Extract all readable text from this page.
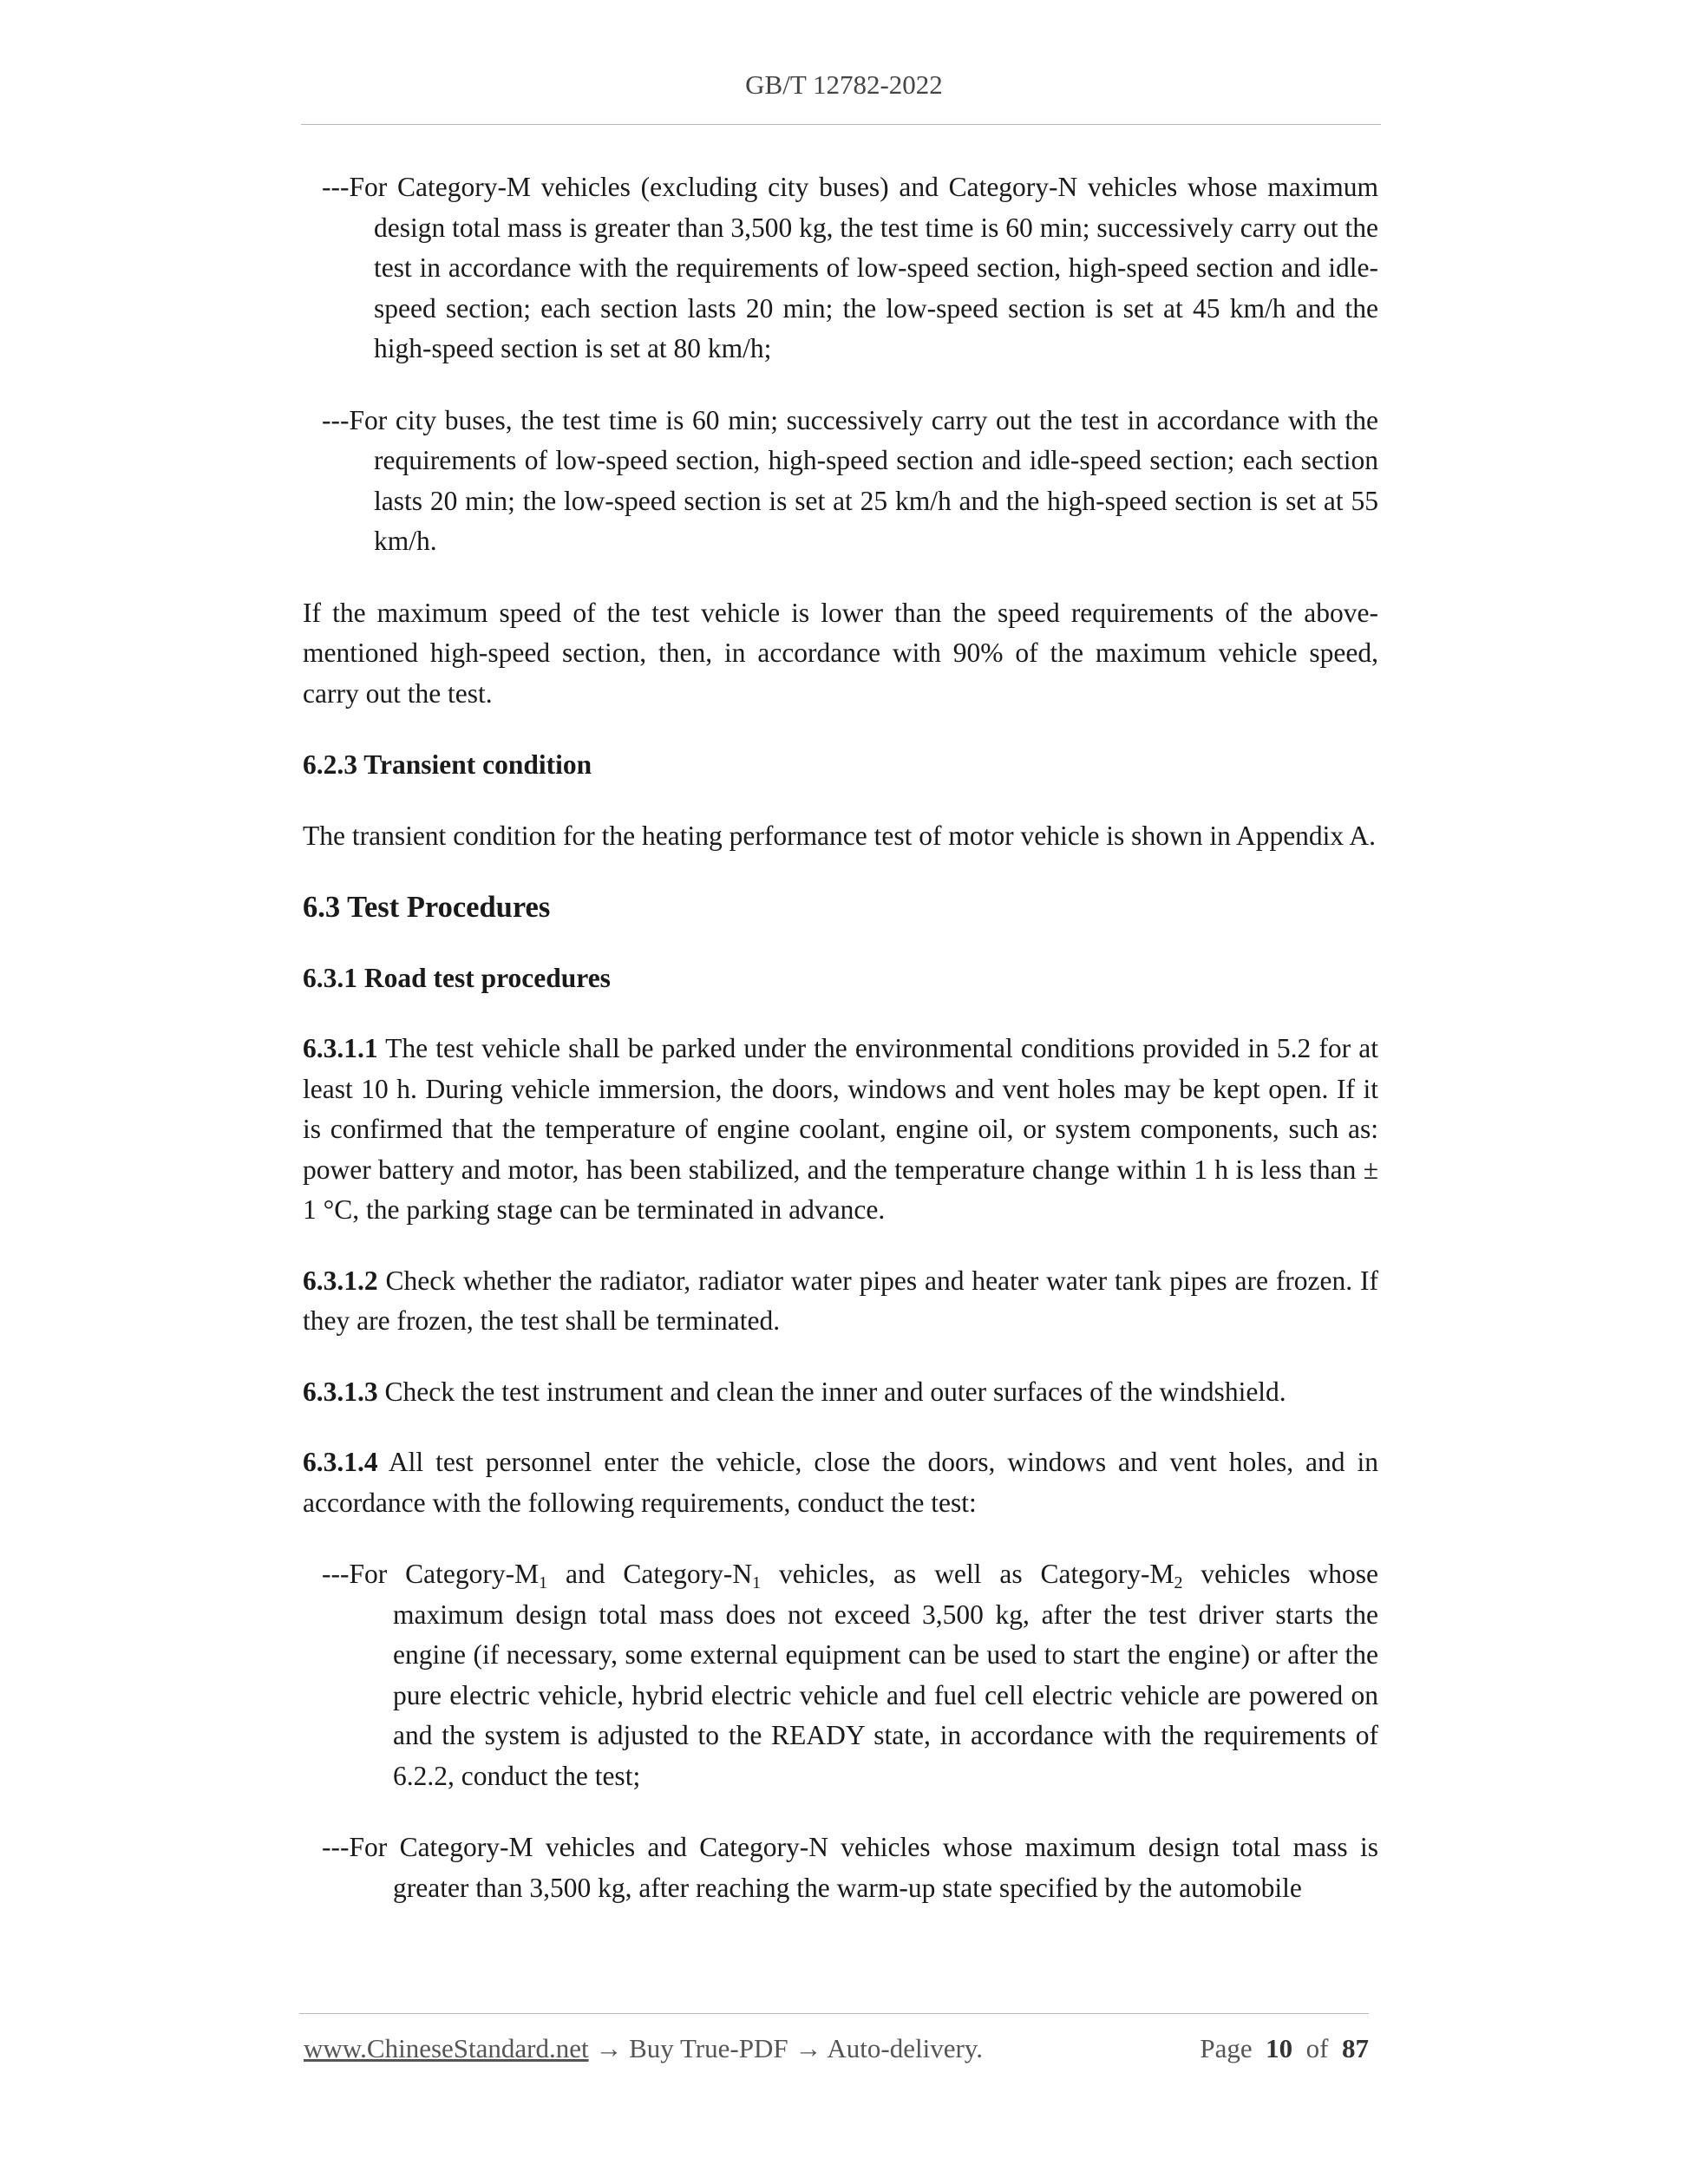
GB/T 12782-2022

---For Category-M vehicles (excluding city buses) and Category-N vehicles whose maximum design total mass is greater than 3,500 kg, the test time is 60 min; successively carry out the test in accordance with the requirements of low-speed section, high-speed section and idle-speed section; each section lasts 20 min; the low-speed section is set at 45 km/h and the high-speed section is set at 80 km/h;

---For city buses, the test time is 60 min; successively carry out the test in accordance with the requirements of low-speed section, high-speed section and idle-speed section; each section lasts 20 min; the low-speed section is set at 25 km/h and the high-speed section is set at 55 km/h.

If the maximum speed of the test vehicle is lower than the speed requirements of the above-mentioned high-speed section, then, in accordance with 90% of the maximum vehicle speed, carry out the test.

6.2.3 Transient condition

The transient condition for the heating performance test of motor vehicle is shown in Appendix A.

6.3 Test Procedures

6.3.1 Road test procedures

6.3.1.1 The test vehicle shall be parked under the environmental conditions provided in 5.2 for at least 10 h. During vehicle immersion, the doors, windows and vent holes may be kept open. If it is confirmed that the temperature of engine coolant, engine oil, or system components, such as: power battery and motor, has been stabilized, and the temperature change within 1 h is less than ± 1 °C, the parking stage can be terminated in advance.

6.3.1.2 Check whether the radiator, radiator water pipes and heater water tank pipes are frozen. If they are frozen, the test shall be terminated.

6.3.1.3 Check the test instrument and clean the inner and outer surfaces of the windshield.

6.3.1.4 All test personnel enter the vehicle, close the doors, windows and vent holes, and in accordance with the following requirements, conduct the test:

---For Category-$M_1$ and Category-$N_1$ vehicles, as well as Category-$M_2$ vehicles whose maximum design total mass does not exceed 3,500 kg, after the test driver starts the engine (if necessary, some external equipment can be used to start the engine) or after the pure electric vehicle, hybrid electric vehicle and fuel cell electric vehicle are powered on and the system is adjusted to the READY state, in accordance with the requirements of 6.2.2, conduct the test;

---For Category-M vehicles and Category-N vehicles whose maximum design total mass is greater than 3,500 kg, after reaching the warm-up state specified by the automobile

www.ChineseStandard.net → Buy True-PDF → Auto-delivery.	Page 10 of 87
